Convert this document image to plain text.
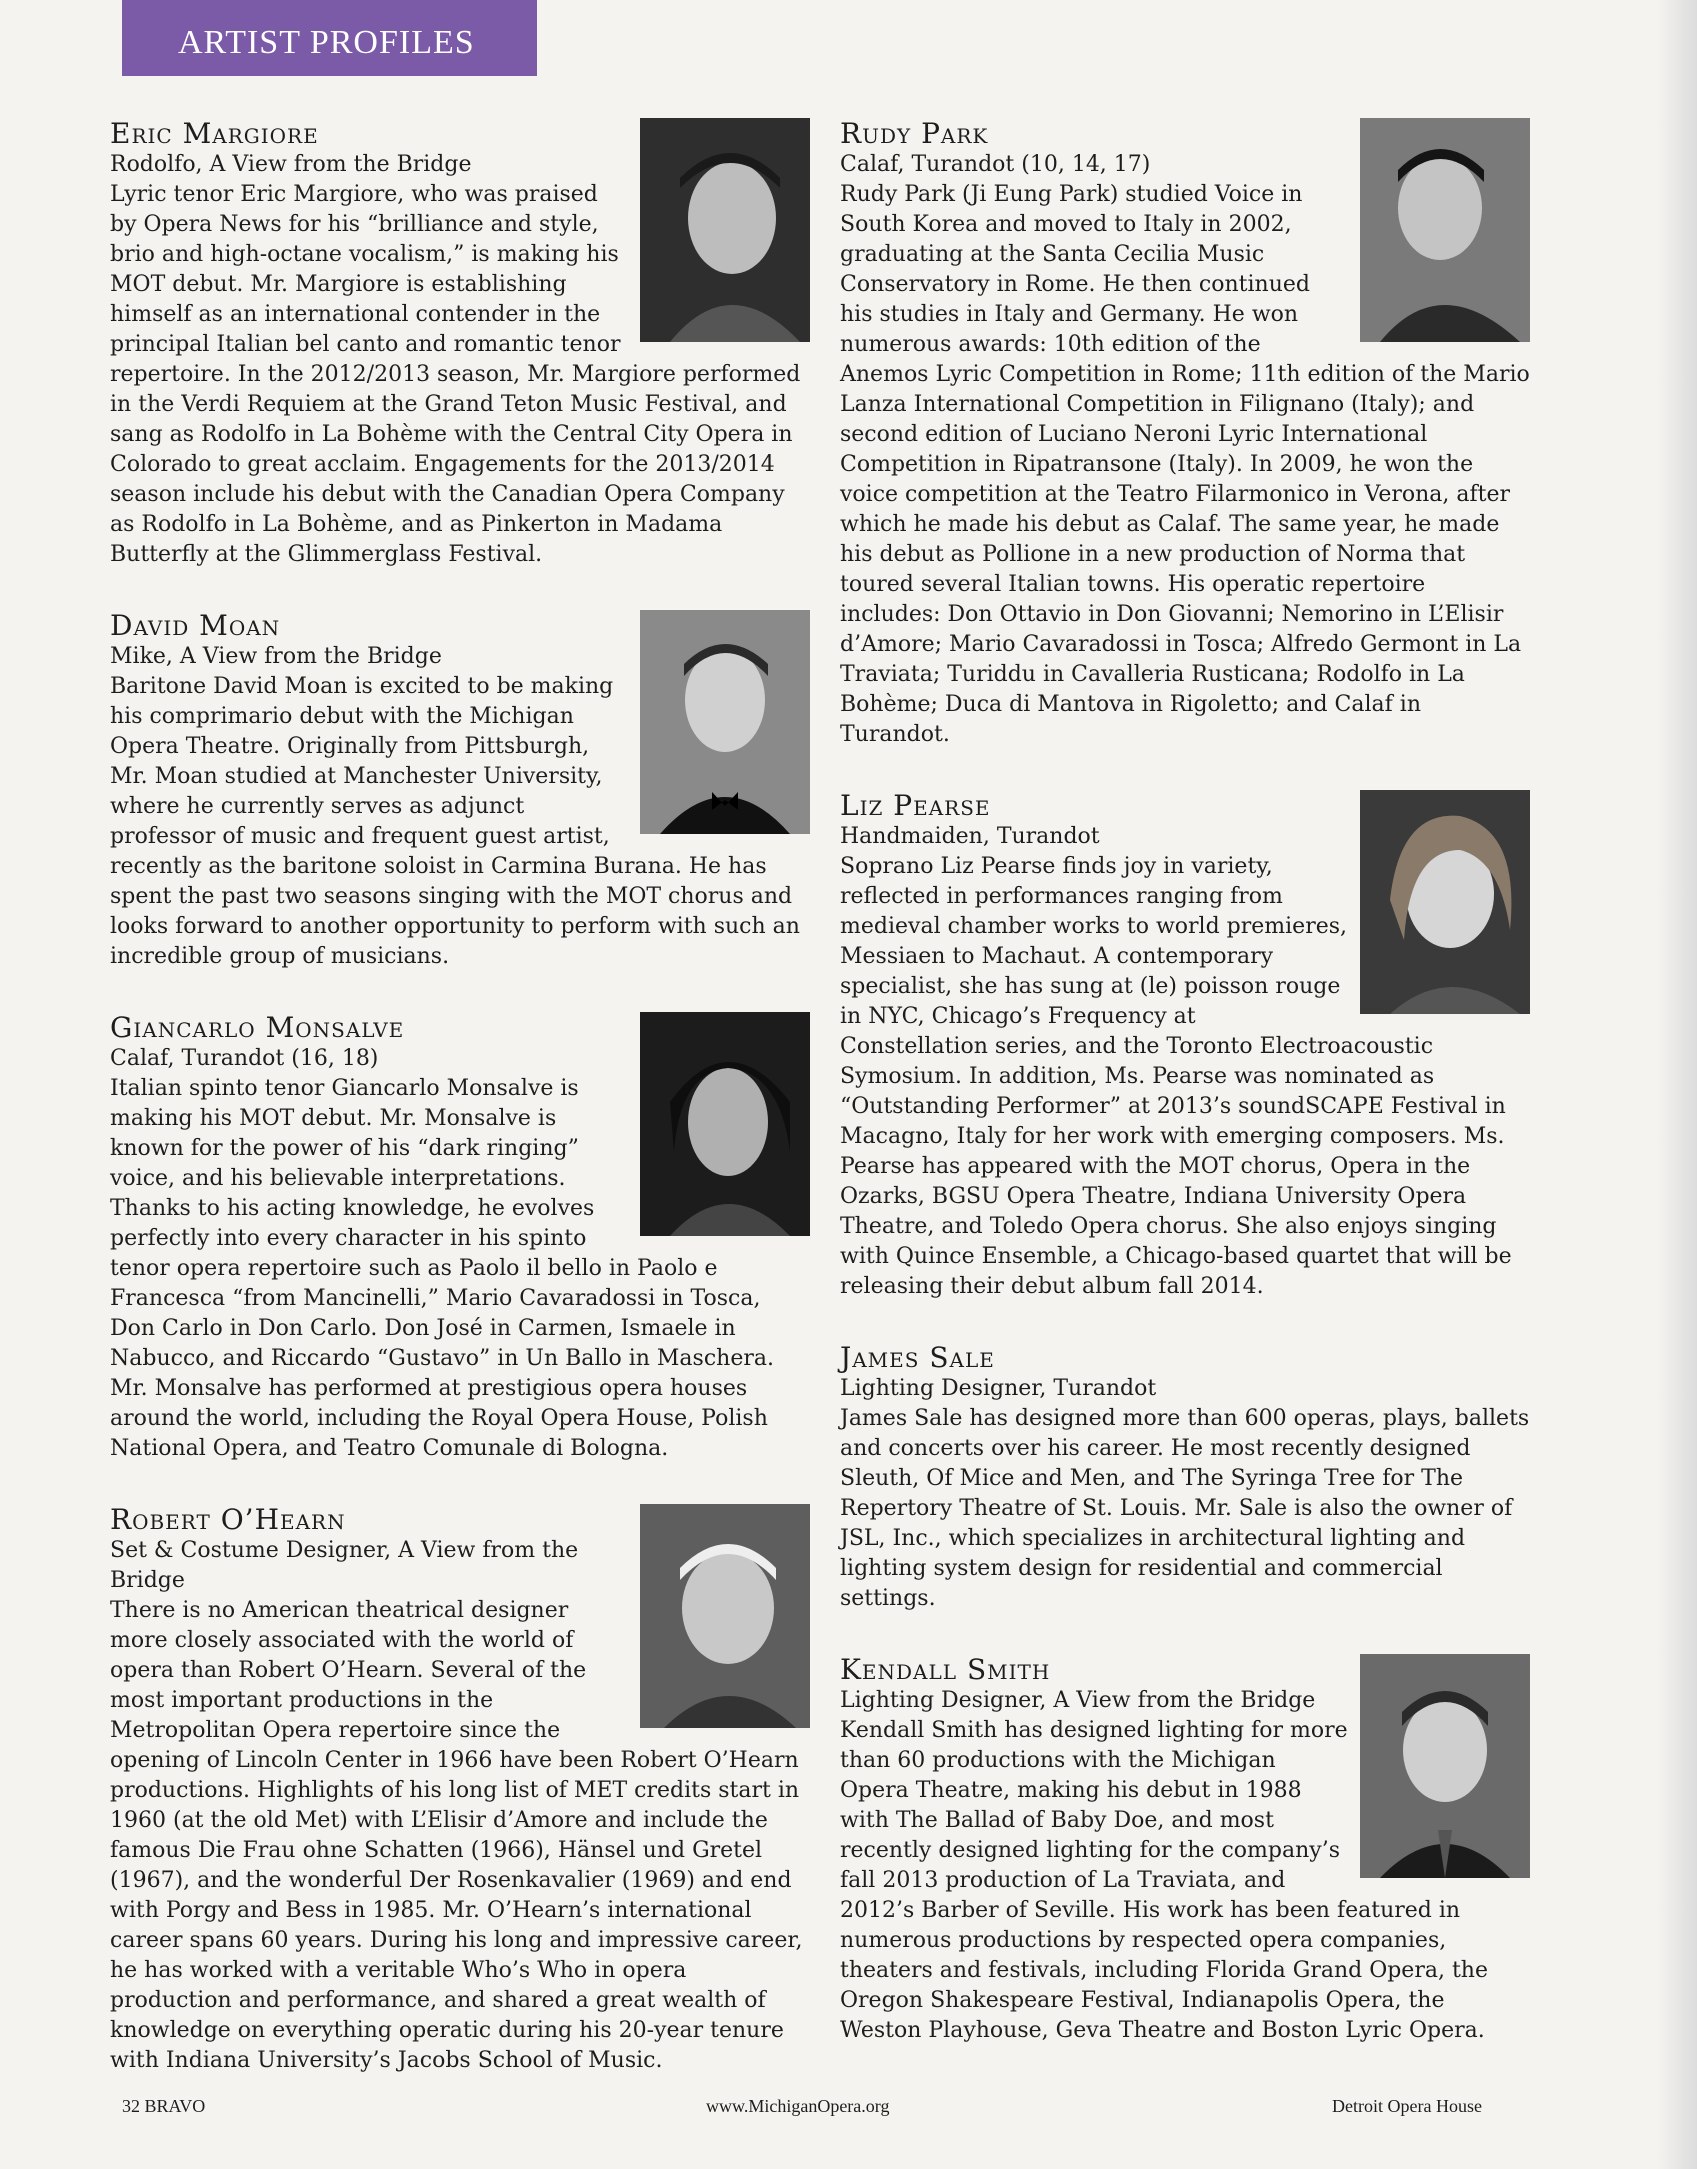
ARTIST PROFILES
Eric Margiore

Rodolfo, A View from the Bridge

Lyric tenor Eric Margiore, who was praised by Opera News for his “brilliance and style, brio and high-octane vocalism,” is making his MOT debut. Mr. Margiore is establishing himself as an international contender in the principal Italian bel canto and romantic tenor repertoire. In the 2012/2013 season, Mr. Margiore performed in the Verdi Requiem at the Grand Teton Music Festival, and sang as Rodolfo in La Bohème with the Central City Opera in Colorado to great acclaim. Engagements for the 2013/2014 season include his debut with the Canadian Opera Company as Rodolfo in La Bohème, and as Pinkerton in Madama Butterfly at the Glimmerglass Festival.

David Moan

Mike, A View from the Bridge

Baritone David Moan is excited to be making his comprimario debut with the Michigan Opera Theatre. Originally from Pittsburgh, Mr. Moan studied at Manchester University, where he currently serves as adjunct professor of music and frequent guest artist, recently as the baritone soloist in Carmina Burana. He has spent the past two seasons singing with the MOT chorus and looks forward to another opportunity to perform with such an incredible group of musicians.

Giancarlo Monsalve

Calaf, Turandot (16, 18)

Italian spinto tenor Giancarlo Monsalve is making his MOT debut. Mr. Monsalve is known for the power of his “dark ringing” voice, and his believable interpretations. Thanks to his acting knowledge, he evolves perfectly into every character in his spinto tenor opera repertoire such as Paolo il bello in Paolo e Francesca “from Mancinelli,” Mario Cavaradossi in Tosca, Don Carlo in Don Carlo. Don José in Carmen, Ismaele in Nabucco, and Riccardo “Gustavo” in Un Ballo in Maschera. Mr. Monsalve has performed at prestigious opera houses around the world, including the Royal Opera House, Polish National Opera, and Teatro Comunale di Bologna.

Robert O’Hearn

Set & Costume Designer, A View from the Bridge

There is no American theatrical designer more closely associated with the world of opera than Robert O’Hearn. Several of the most important productions in the Metropolitan Opera repertoire since the opening of Lincoln Center in 1966 have been Robert O’Hearn productions. Highlights of his long list of MET credits start in 1960 (at the old Met) with L’Elisir d’Amore and include the famous Die Frau ohne Schatten (1966), Hänsel und Gretel (1967), and the wonderful Der Rosenkavalier (1969) and end with Porgy and Bess in 1985. Mr. O’Hearn’s international career spans 60 years. During his long and impressive career, he has worked with a veritable Who’s Who in opera production and performance, and shared a great wealth of knowledge on everything operatic during his 20-year tenure with Indiana University’s Jacobs School of Music.

Rudy Park

Calaf, Turandot (10, 14, 17)

Rudy Park (Ji Eung Park) studied Voice in South Korea and moved to Italy in 2002, graduating at the Santa Cecilia Music Conservatory in Rome. He then continued his studies in Italy and Germany. He won numerous awards: 10th edition of the Anemos Lyric Competition in Rome; 11th edition of the Mario Lanza International Competition in Filignano (Italy); and second edition of Luciano Neroni Lyric International Competition in Ripatransone (Italy). In 2009, he won the voice competition at the Teatro Filarmonico in Verona, after which he made his debut as Calaf. The same year, he made his debut as Pollione in a new production of Norma that toured several Italian towns. His operatic repertoire includes: Don Ottavio in Don Giovanni; Nemorino in L’Elisir d’Amore; Mario Cavaradossi in Tosca; Alfredo Germont in La Traviata; Turiddu in Cavalleria Rusticana; Rodolfo in La Bohème; Duca di Mantova in Rigoletto; and Calaf in Turandot.

Liz Pearse

Handmaiden, Turandot

Soprano Liz Pearse finds joy in variety, reflected in performances ranging from medieval chamber works to world premieres, Messiaen to Machaut. A contemporary specialist, she has sung at (le) poisson rouge in NYC, Chicago’s Frequency at Constellation series, and the Toronto Electroacoustic Symosium. In addition, Ms. Pearse was nominated as “Outstanding Performer” at 2013’s soundSCAPE Festival in Macagno, Italy for her work with emerging composers. Ms. Pearse has appeared with the MOT chorus, Opera in the Ozarks, BGSU Opera Theatre, Indiana University Opera Theatre, and Toledo Opera chorus. She also enjoys singing with Quince Ensemble, a Chicago-based quartet that will be releasing their debut album fall 2014.

James Sale

Lighting Designer, Turandot

James Sale has designed more than 600 operas, plays, ballets and concerts over his career. He most recently designed Sleuth, Of Mice and Men, and The Syringa Tree for The Repertory Theatre of St. Louis. Mr. Sale is also the owner of JSL, Inc., which specializes in architectural lighting and lighting system design for residential and commercial settings.

Kendall Smith

Lighting Designer, A View from the Bridge

Kendall Smith has designed lighting for more than 60 productions with the Michigan Opera Theatre, making his debut in 1988 with The Ballad of Baby Doe, and most recently designed lighting for the company’s fall 2013 production of La Traviata, and 2012’s Barber of Seville. His work has been featured in numerous productions by respected opera companies, theaters and festivals, including Florida Grand Opera, the Oregon Shakespeare Festival, Indianapolis Opera, the Weston Playhouse, Geva Theatre and Boston Lyric Opera.

32 BRAVO	www.MichiganOpera.org	Detroit Opera House
